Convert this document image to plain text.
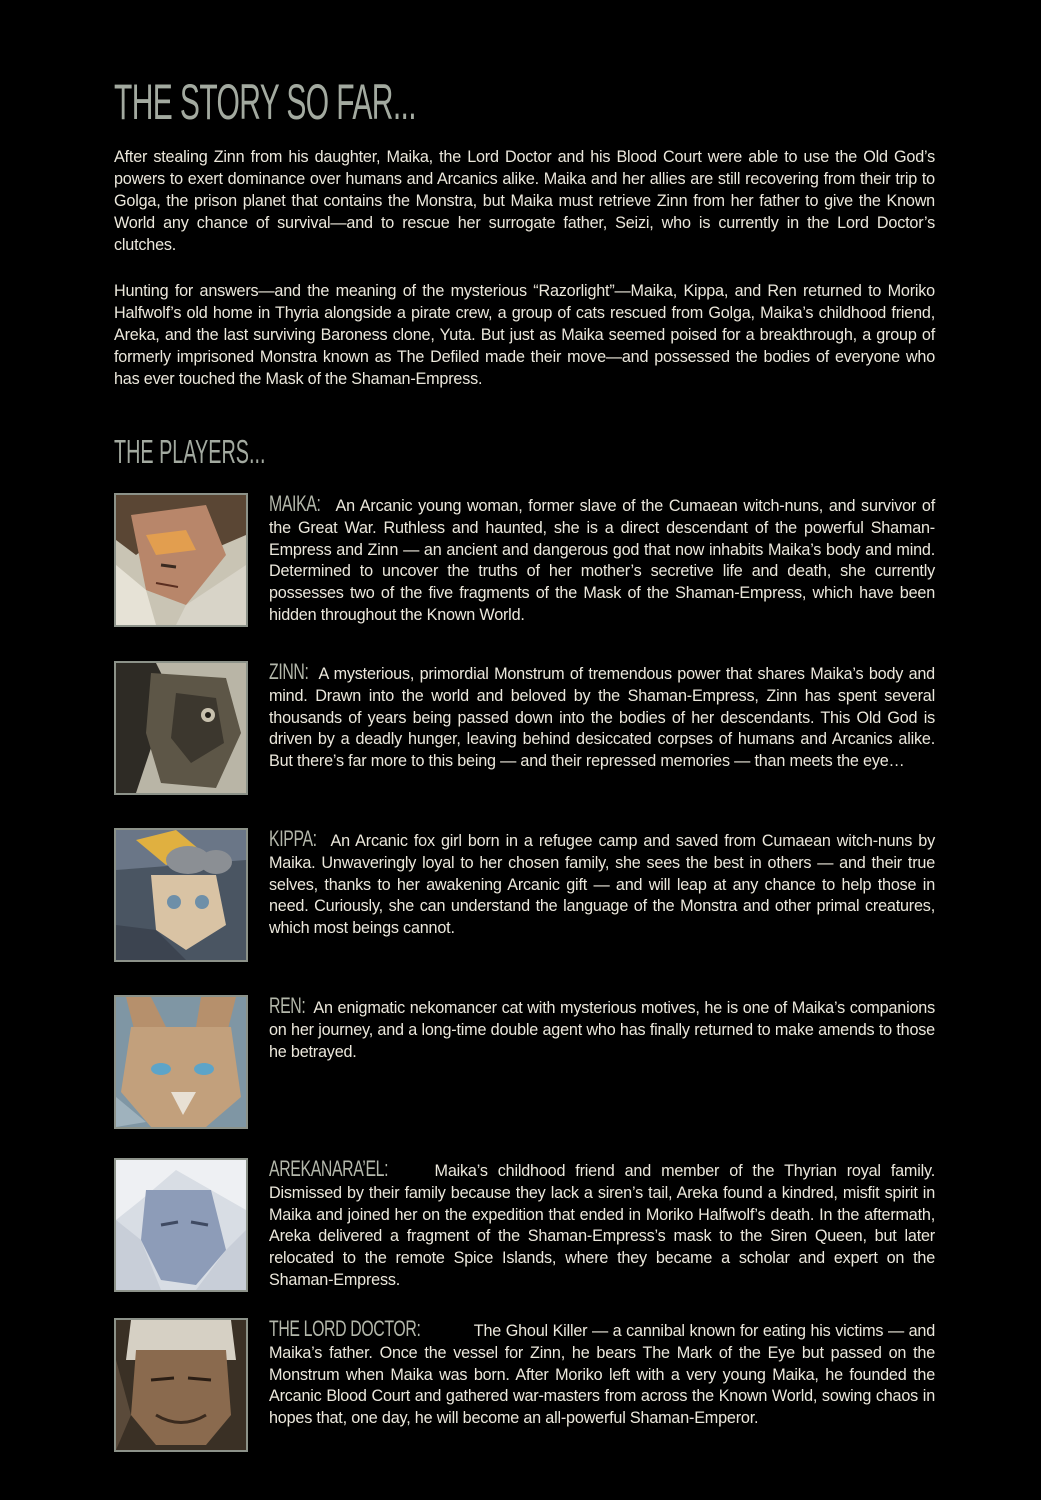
THE STORY SO FAR...

After stealing Zinn from his daughter, Maika, the Lord Doctor and his Blood Court were able to use the Old God’s powers to exert dominance over humans and Arcanics alike. Maika and her allies are still recovering from their trip to Golga, the prison planet that contains the Monstra, but Maika must retrieve Zinn from her father to give the Known World any chance of survival—and to rescue her surrogate father, Seizi, who is currently in the Lord Doctor’s clutches.

Hunting for answers—and the meaning of the mysterious “Razorlight”—Maika, Kippa, and Ren returned to Moriko Halfwolf’s old home in Thyria alongside a pirate crew, a group of cats rescued from Golga, Maika’s childhood friend, Areka, and the last surviving Baroness clone, Yuta. But just as Maika seemed poised for a breakthrough, a group of formerly imprisoned Monstra known as The Defiled made their move—and possessed the bodies of everyone who has ever touched the Mask of the Shaman-Empress.

THE PLAYERS...
MAIKA: An Arcanic young woman, former slave of the Cumaean witch-nuns, and survivor of the Great War. Ruthless and haunted, she is a direct descendant of the powerful Shaman-Empress and Zinn — an ancient and dangerous god that now inhabits Maika’s body and mind. Determined to uncover the truths of her mother’s secretive life and death, she currently possesses two of the five fragments of the Mask of the Shaman-Empress, which have been hidden throughout the Known World.
ZINN: A mysterious, primordial Monstrum of tremendous power that shares Maika’s body and mind. Drawn into the world and beloved by the Shaman-Empress, Zinn has spent several thousands of years being passed down into the bodies of her descendants. This Old God is driven by a deadly hunger, leaving behind desiccated corpses of humans and Arcanics alike. But there’s far more to this being — and their repressed memories — than meets the eye…
KIPPA: An Arcanic fox girl born in a refugee camp and saved from Cumaean witch-nuns by Maika. Unwaveringly loyal to her chosen family, she sees the best in others — and their true selves, thanks to her awakening Arcanic gift — and will leap at any chance to help those in need. Curiously, she can understand the language of the Monstra and other primal creatures, which most beings cannot.
REN: An enigmatic nekomancer cat with mysterious motives, he is one of Maika’s companions on her journey, and a long-time double agent who has finally returned to make amends to those he betrayed.
AREKANARA’EL:	Maika’s childhood friend and member of the Thyrian royal family. Dismissed by their family because they lack a siren’s tail, Areka found a kindred, misfit spirit in Maika and joined her on the expedition that ended in Moriko Halfwolf’s death. In the aftermath, Areka delivered a fragment of the Shaman-Empress’s mask to the Siren Queen, but later relocated to the remote Spice Islands, where they became a scholar and expert on the Shaman-Empress.
THE LORD DOCTOR:	The Ghoul Killer — a cannibal known for eating his victims — and Maika’s father. Once the vessel for Zinn, he bears The Mark of the Eye but passed on the Monstrum when Maika was born. After Moriko left with a very young Maika, he founded the Arcanic Blood Court and gathered war-masters from across the Known World, sowing chaos in hopes that, one day, he will become an all-powerful Shaman-Emperor.
